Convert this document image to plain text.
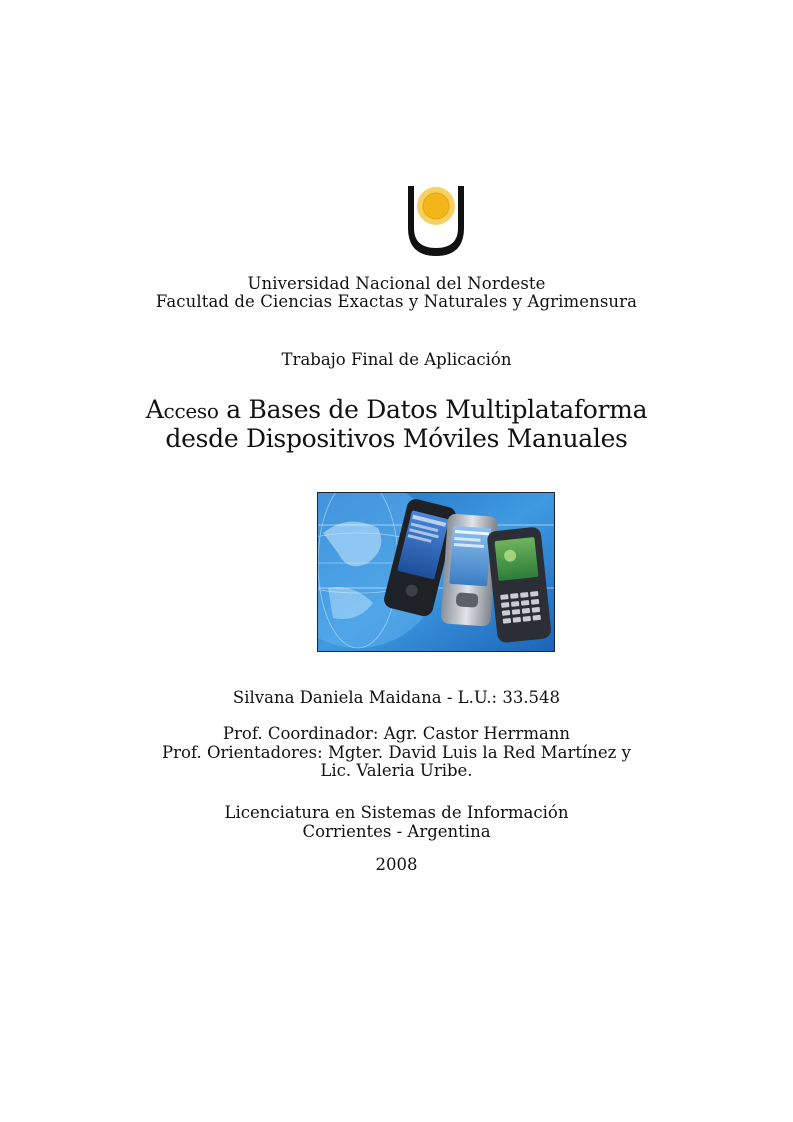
Universidad Nacional del Nordeste
Facultad de Ciencias Exactas y Naturales y Agrimensura
Trabajo Final de Aplicación
Acceso a Bases de Datos Multiplataforma
desde Dispositivos Móviles Manuales
Silvana Daniela Maidana - L.U.: 33.548
Prof. Coordinador: Agr. Castor Herrmann
Prof. Orientadores: Mgter. David Luis la Red Martínez y
Lic. Valeria Uribe.
Licenciatura en Sistemas de Información
Corrientes - Argentina
2008
